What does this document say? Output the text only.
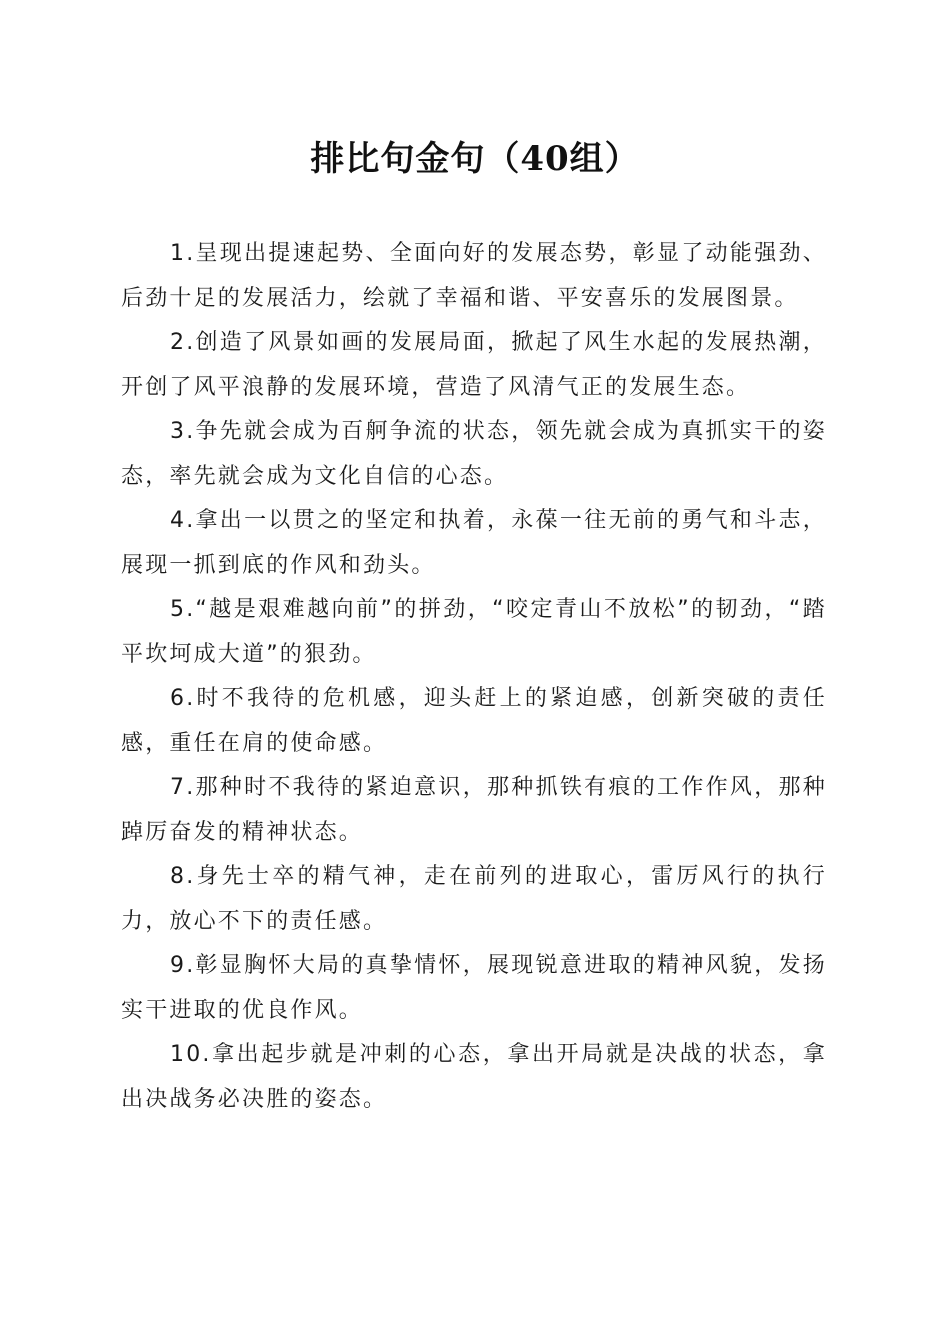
排比句金句（40组）

1.呈现出提速起势、全面向好的发展态势，彰显了动能强劲、后劲十足的发展活力，绘就了幸福和谐、平安喜乐的发展图景。

2.创造了风景如画的发展局面，掀起了风生水起的发展热潮，开创了风平浪静的发展环境，营造了风清气正的发展生态。

3.争先就会成为百舸争流的状态，领先就会成为真抓实干的姿态，率先就会成为文化自信的心态。

4.拿出一以贯之的坚定和执着，永葆一往无前的勇气和斗志，展现一抓到底的作风和劲头。

5.“越是艰难越向前”的拼劲，“咬定青山不放松”的韧劲，“踏平坎坷成大道”的狠劲。

6.时不我待的危机感，迎头赶上的紧迫感，创新突破的责任感，重任在肩的使命感。

7.那种时不我待的紧迫意识，那种抓铁有痕的工作作风，那种踔厉奋发的精神状态。

8.身先士卒的精气神，走在前列的进取心，雷厉风行的执行力，放心不下的责任感。

9.彰显胸怀大局的真挚情怀，展现锐意进取的精神风貌，发扬实干进取的优良作风。

10.拿出起步就是冲刺的心态，拿出开局就是决战的状态，拿出决战务必决胜的姿态。
